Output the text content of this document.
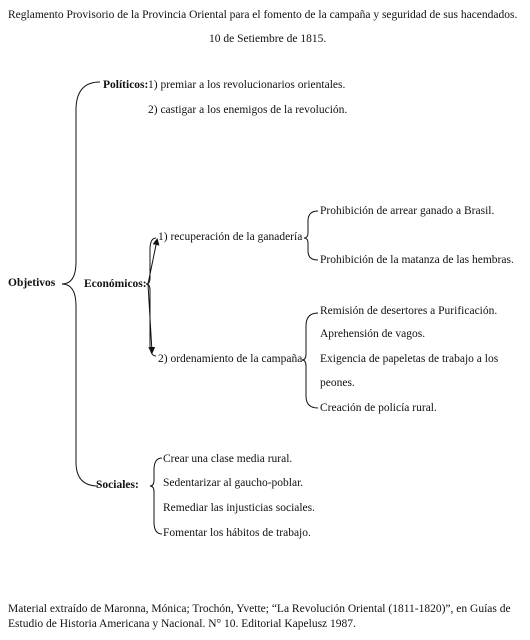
Reglamento Provisorio de la Provincia Oriental para el fomento de la campaña y seguridad de sus hacendados.
10 de Setiembre de 1815.
Objetivos
Políticos: 1) premiar a los revolucionarios orientales.
2) castigar a los enemigos de la revolución.
Económicos:
1) recuperación de la ganadería
Prohibición de arrear ganado a Brasil.
Prohibición de la matanza de las hembras.
2) ordenamiento de la campaña
Remisión de desertores a Purificación.
Aprehensión de vagos.
Exigencia de papeletas de trabajo a los
peones.
Creación de policía rural.
Sociales:
Crear una clase media rural.
Sedentarizar al gaucho-poblar.
Remediar las injusticias sociales.
Fomentar los hábitos de trabajo.
Material extraído de Maronna, Mónica; Trochón, Yvette; “La Revolución Oriental (1811-1820)”, en Guías de
Estudio de Historia Americana y Nacional. N° 10. Editorial Kapelusz 1987.
